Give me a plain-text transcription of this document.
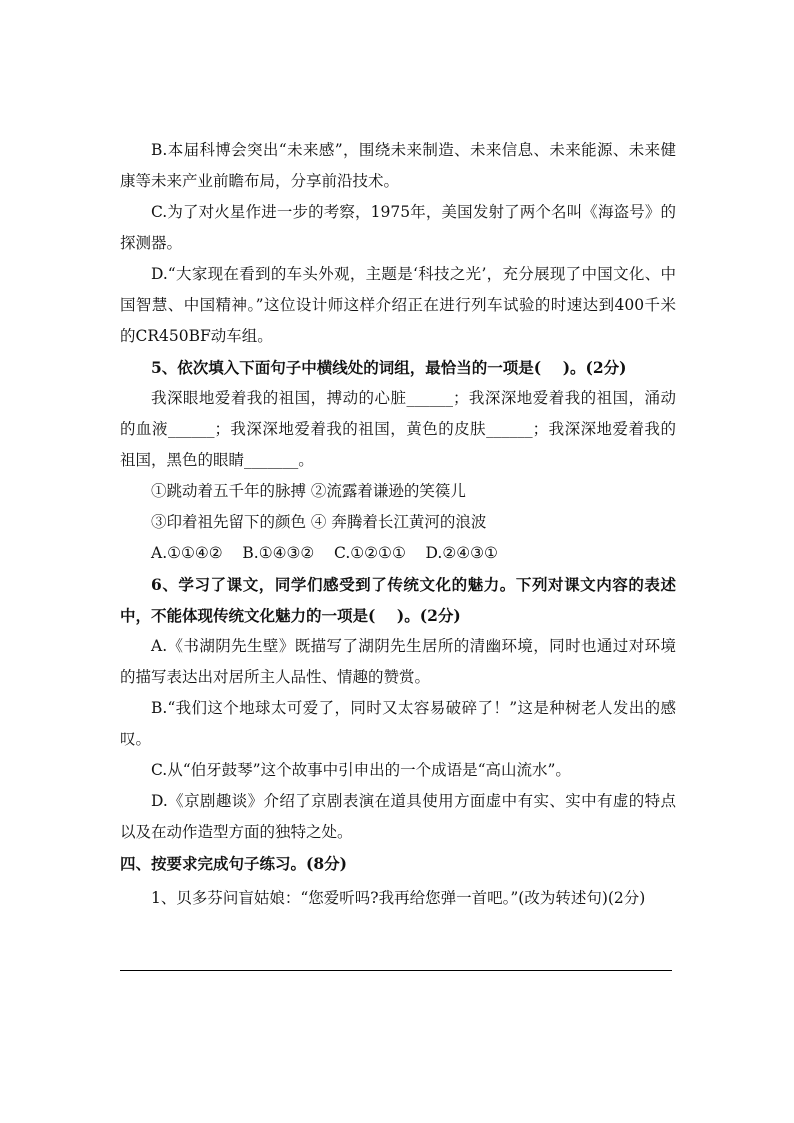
B.本届科博会突出“未来感”，围绕未来制造、未来信息、未来能源、未来健康等未来产业前瞻布局，分享前沿技术。

C.为了对火星作进一步的考察，1975年，美国发射了两个名叫《海盗号》的探测器。

D.“大家现在看到的车头外观，主题是‘科技之光’，充分展现了中国文化、中国智慧、中国精神。”这位设计师这样介绍正在进行列车试验的时速达到400千米的CR450BF动车组。

5、依次填入下面句子中横线处的词组，最恰当的一项是(    )。(2分)

我深眼地爱着我的祖国，搏动的心脏______；我深深地爱着我的祖国，涌动的血液______；我深深地爱着我的祖国，黄色的皮肤______；我深深地爱着我的祖国，黑色的眼睛_______。

①跳动着五千年的脉搏 ②流露着谦逊的笑篌儿

③印着祖先留下的颜色 ④ 奔腾着长江黄河的浪波

A.①①④②    B.①④③②    C.①②①①    D.②④③①

6、学习了课文，同学们感受到了传统文化的魅力。下列对课文内容的表述中，不能体现传统文化魅力的一项是(    )。(2分)

A.《书湖阴先生壁》既描写了湖阴先生居所的清幽环境，同时也通过对环境的描写表达出对居所主人品性、情趣的赞赏。

B.“我们这个地球太可爱了，同时又太容易破碎了！”这是种树老人发出的感叹。

C.从“伯牙鼓琴”这个故事中引申出的一个成语是“高山流水”。

D.《京剧趣谈》介绍了京剧表演在道具使用方面虚中有实、实中有虚的特点以及在动作造型方面的独特之处。

四、按要求完成句子练习。(8分)

1、贝多芬问盲姑娘：“您爱听吗?我再给您弹一首吧。”(改为转述句)(2分)
